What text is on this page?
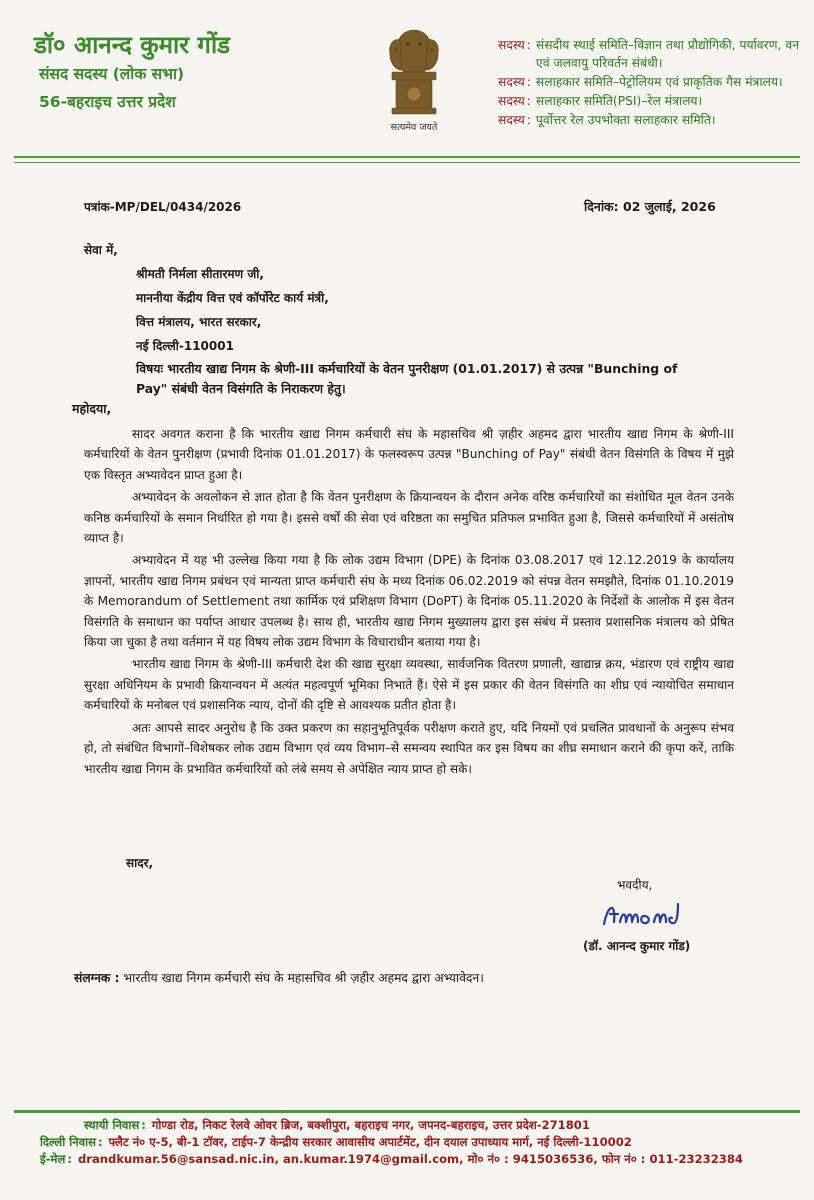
डॉ० आनन्द कुमार गोंड
संसद सदस्य (लोक सभा)
56-बहराइच उत्तर प्रदेश
सत्यमेव जयते
सदस्य : संसदीय स्थाई समिति–विज्ञान तथा प्रौद्योगिकी, पर्यावरण, वन एवं जलवायु परिवर्तन संबंधी।
सदस्य : सलाहकार समिति–पेट्रोलियम एवं प्राकृतिक गैस मंत्रालय।
सदस्य : सलाहकार समिति(PSI)–रेल मंत्रालय।
सदस्य : पूर्वोत्तर रेल उपभोक्ता सलाहकार समिति।
पत्रांक-MP/DEL/0434/2026	दिनांक: 02 जुलाई, 2026
सेवा में,
श्रीमती निर्मला सीतारमण जी,
माननीया केंद्रीय वित्त एवं कॉर्पोरेट कार्य मंत्री,
वित्त मंत्रालय, भारत सरकार,
नई दिल्ली-110001
विषयः भारतीय खाद्य निगम के श्रेणी-III कर्मचारियों के वेतन पुनरीक्षण (01.01.2017) से उत्पन्न "Bunching of
Pay" संबंधी वेतन विसंगति के निराकरण हेतु।
महोदया,

सादर अवगत कराना है कि भारतीय खाद्य निगम कर्मचारी संघ के महासचिव श्री ज़हीर अहमद द्वारा भारतीय खाद्य निगम के श्रेणी-III कर्मचारियों के वेतन पुनरीक्षण (प्रभावी दिनांक 01.01.2017) के फलस्वरूप उत्पन्न "Bunching of Pay" संबंधी वेतन विसंगति के विषय में मुझे एक विस्तृत अभ्यावेदन प्राप्त हुआ है।

अभ्यावेदन के अवलोकन से ज्ञात होता है कि वेतन पुनरीक्षण के क्रियान्वयन के दौरान अनेक वरिष्ठ कर्मचारियों का संशोधित मूल वेतन उनके कनिष्ठ कर्मचारियों के समान निर्धारित हो गया है। इससे वर्षों की सेवा एवं वरिष्ठता का समुचित प्रतिफल प्रभावित हुआ है, जिससे कर्मचारियों में असंतोष व्याप्त है।

अभ्यावेदन में यह भी उल्लेख किया गया है कि लोक उद्यम विभाग (DPE) के दिनांक 03.08.2017 एवं 12.12.2019 के कार्यालय ज्ञापनों, भारतीय खाद्य निगम प्रबंधन एवं मान्यता प्राप्त कर्मचारी संघ के मध्य दिनांक 06.02.2019 को संपन्न वेतन समझौते, दिनांक 01.10.2019 के Memorandum of Settlement तथा कार्मिक एवं प्रशिक्षण विभाग (DoPT) के दिनांक 05.11.2020 के निर्देशों के आलोक में इस वेतन विसंगति के समाधान का पर्याप्त आधार उपलब्ध है। साथ ही, भारतीय खाद्य निगम मुख्यालय द्वारा इस संबंध में प्रस्ताव प्रशासनिक मंत्रालय को प्रेषित किया जा चुका है तथा वर्तमान में यह विषय लोक उद्यम विभाग के विचाराधीन बताया गया है।

भारतीय खाद्य निगम के श्रेणी-III कर्मचारी देश की खाद्य सुरक्षा व्यवस्था, सार्वजनिक वितरण प्रणाली, खाद्यान्न क्रय, भंडारण एवं राष्ट्रीय खाद्य सुरक्षा अधिनियम के प्रभावी क्रियान्वयन में अत्यंत महत्वपूर्ण भूमिका निभाते हैं। ऐसे में इस प्रकार की वेतन विसंगति का शीघ्र एवं न्यायोचित समाधान कर्मचारियों के मनोबल एवं प्रशासनिक न्याय, दोनों की दृष्टि से आवश्यक प्रतीत होता है।

अतः आपसे सादर अनुरोध है कि उक्त प्रकरण का सहानुभूतिपूर्वक परीक्षण कराते हुए, यदि नियमों एवं प्रचलित प्रावधानों के अनुरूप संभव हो, तो संबंधित विभागों–विशेषकर लोक उद्यम विभाग एवं व्यय विभाग–से समन्वय स्थापित कर इस विषय का शीघ्र समाधान कराने की कृपा करें, ताकि भारतीय खाद्य निगम के प्रभावित कर्मचारियों को लंबे समय से अपेक्षित न्याय प्राप्त हो सके।

सादर,
भवदीय,
(डॉ. आनन्द कुमार गोंड)
संलग्नक : भारतीय खाद्य निगम कर्मचारी संघ के महासचिव श्री ज़हीर अहमद द्वारा अभ्यावेदन।
स्थायी निवास : गोण्डा रोड, निकट रेलवे ओवर ब्रिज, बक्शीपुरा, बहराइच नगर, जपनद-बहराइच, उत्तर प्रदेश-271801
दिल्ली निवास : फ्लैट नं० ए-5, बी-1 टॉवर, टाईप-7 केन्द्रीय सरकार आवासीय अपार्टमेंट, दीन दयाल उपाध्याय मार्ग, नई दिल्ली-110002
ई-मेल : drandkumar.56@sansad.nic.in, an.kumar.1974@gmail.com, मो० नं० : 9415036536, फोन नं० : 011-23232384
